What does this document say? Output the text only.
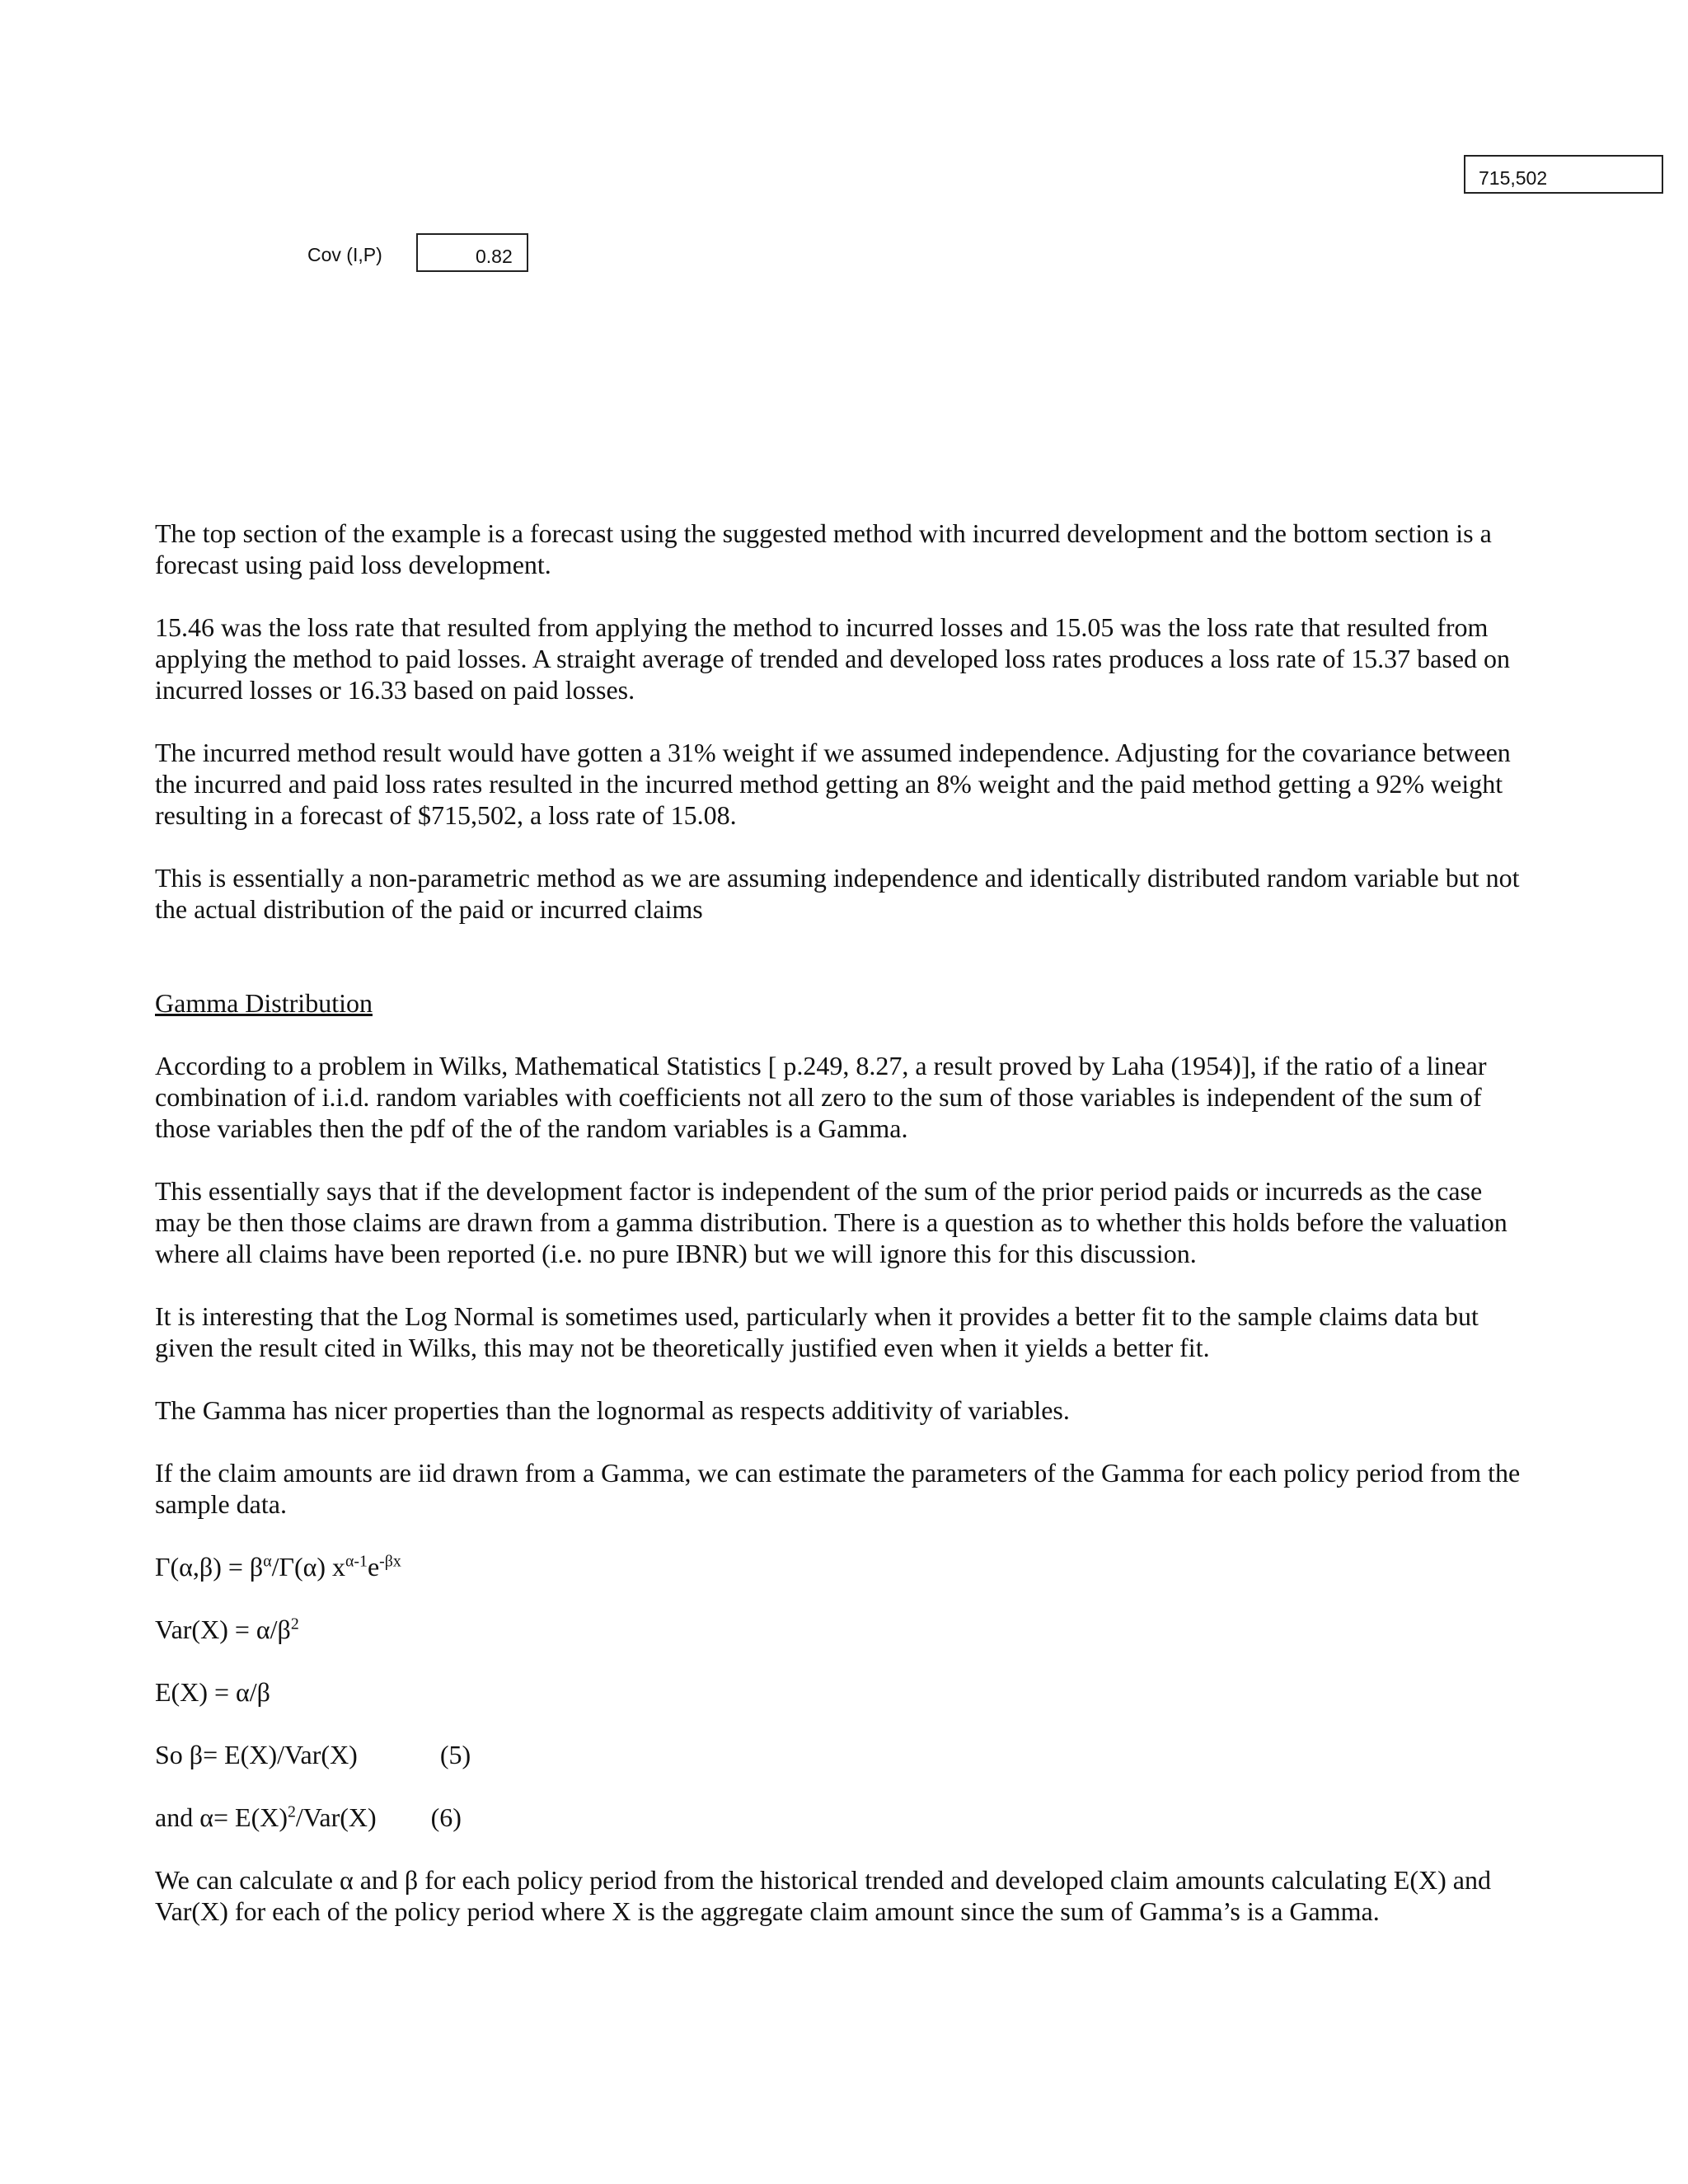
715,502
Cov (I,P)	0.82

The top section of the example is a forecast using the suggested method with incurred development and the bottom section is a forecast using paid loss development.

15.46 was the loss rate that resulted from applying the method to incurred losses and 15.05 was the loss rate that resulted from applying the method to paid losses. A straight average of trended and developed loss rates produces a loss rate of 15.37 based on incurred losses or 16.33 based on paid losses.

The incurred method result would have gotten a 31% weight if we assumed independence. Adjusting for the covariance between the incurred and paid loss rates resulted in the incurred method getting an 8% weight and the paid method getting a 92% weight resulting in a forecast of $715,502, a loss rate of 15.08.

This is essentially a non-parametric method as we are assuming independence and identically distributed random variable but not the actual distribution of the paid or incurred claims

Gamma Distribution

According to a problem in Wilks, Mathematical Statistics [ p.249, 8.27, a result proved by Laha (1954)], if the ratio of a linear combination of i.i.d. random variables with coefficients not all zero to the sum of those variables is independent of the sum of those variables then the pdf of the of the random variables is a Gamma.

This essentially says that if the development factor is independent of the sum of the prior period paids or incurreds as the case may be then those claims are drawn from a gamma distribution. There is a question as to whether this holds before the valuation where all claims have been reported (i.e. no pure IBNR) but we will ignore this for this discussion.

It is interesting that the Log Normal is sometimes used, particularly when it provides a better fit to the sample claims data but given the result cited in Wilks, this may not be theoretically justified even when it yields a better fit.

The Gamma has nicer properties than the lognormal as respects additivity of variables.

If the claim amounts are iid drawn from a Gamma, we can estimate the parameters of the Gamma for each policy period from the sample data.

$\Gamma(\alpha,\beta) = \beta^\alpha/\Gamma(\alpha)$ $x^{\alpha-1}e^{-\beta x}$

$Var(X) = \alpha/\beta^2$

E(X) = α/β

So β= E(X)/Var(X)	(5)

and $\alpha= E(X)^2/Var(X)$ (6)

We can calculate α and β for each policy period from the historical trended and developed claim amounts calculating E(X) and Var(X) for each of the policy period where X is the aggregate claim amount since the sum of Gamma’s is a Gamma.
